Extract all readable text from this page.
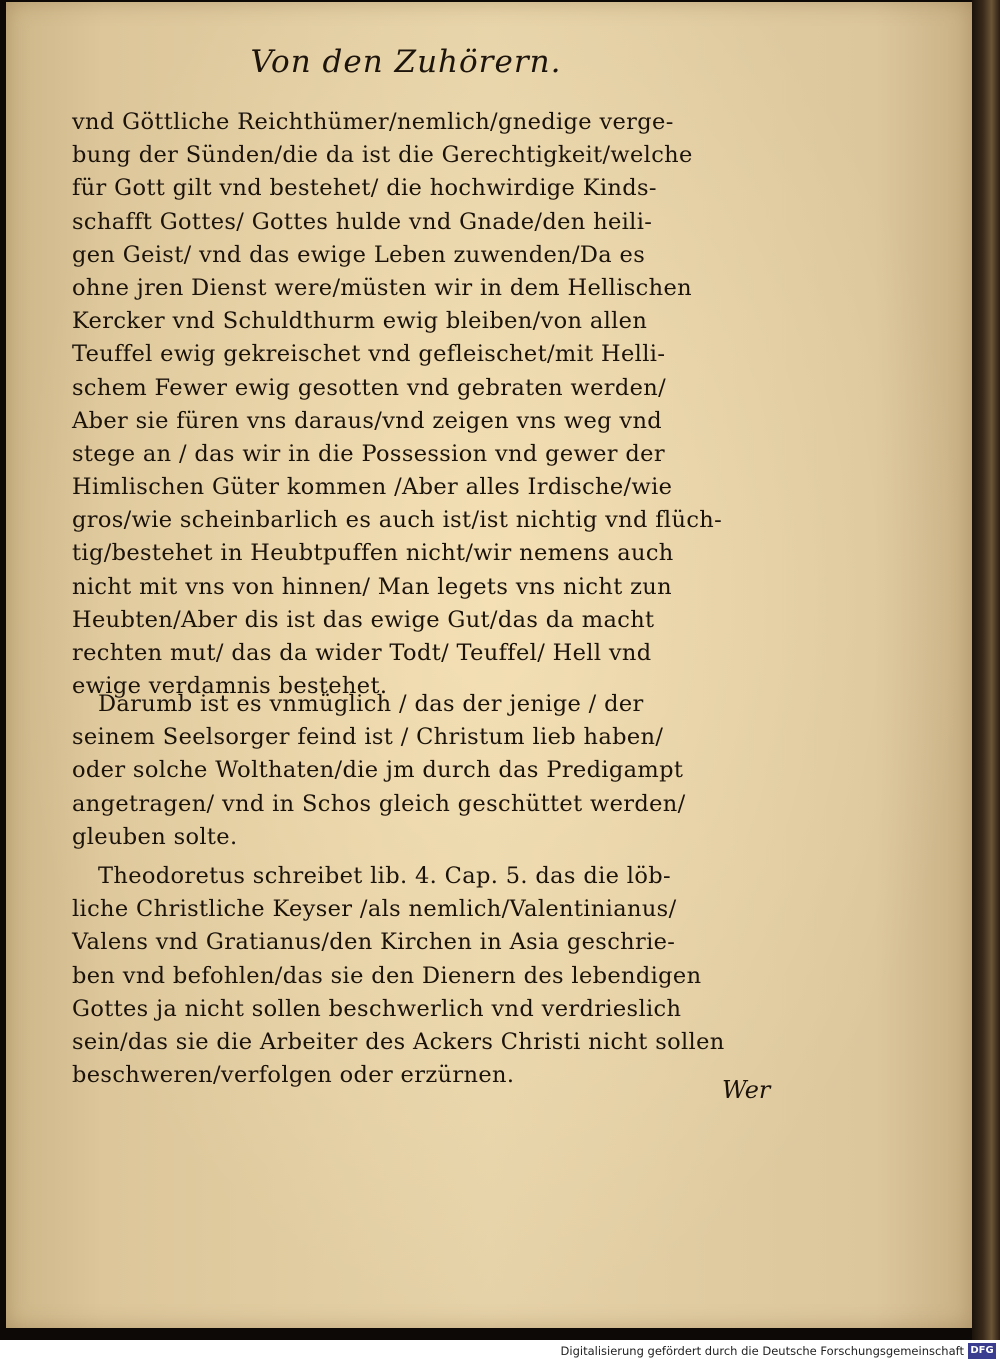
Von den Zuhörern.
vnd Göttliche Reichthümer/nemlich/gnedige verge‑
bung der Sünden/die da ist die Gerechtigkeit/welche
für Gott gilt vnd bestehet/ die hochwirdige Kinds‑
schafft Gottes/ Gottes hulde vnd Gnade/den heili‑
gen Geist/ vnd das ewige Leben zuwenden/Da es
ohne jren Dienst were/müsten wir in dem Hellischen
Kercker vnd Schuldthurm ewig bleiben/von allen
Teuffel ewig gekreischet vnd gefleischet/mit Helli‑
schem Fewer ewig gesotten vnd gebraten werden/
Aber sie füren vns daraus/vnd zeigen vns weg vnd
stege an / das wir in die Possession vnd gewer der
Himlischen Güter kommen /Aber alles Irdische/wie
gros/wie scheinbarlich es auch ist/ist nichtig vnd flüch‑
tig/bestehet in Heubtpuffen nicht/wir nemens auch
nicht mit vns von hinnen/ Man legets vns nicht zun
Heubten/Aber dis ist das ewige Gut/das da macht
rechten mut/ das da wider Todt/ Teuffel/ Hell vnd
ewige verdamnis bestehet.
Darumb ist es vnmüglich / das der jenige / der
seinem Seelsorger feind ist / Christum lieb haben/
oder solche Wolthaten/die jm durch das Predigampt
angetragen/ vnd in Schos gleich geschüttet werden/
gleuben solte.
Theodoretus schreibet lib. 4. Cap. 5. das die löb‑
liche Christliche Keyser /als nemlich/Valentinianus/
Valens vnd Gratianus/den Kirchen in Asia geschrie‑
ben vnd befohlen/das sie den Dienern des lebendigen
Gottes ja nicht sollen beschwerlich vnd verdrieslich
sein/das sie die Arbeiter des Ackers Christi nicht sollen
beschweren/verfolgen oder erzürnen.
Wer
Digitalisierung gefördert durch die Deutsche Forschungsgemeinschaft DFG
